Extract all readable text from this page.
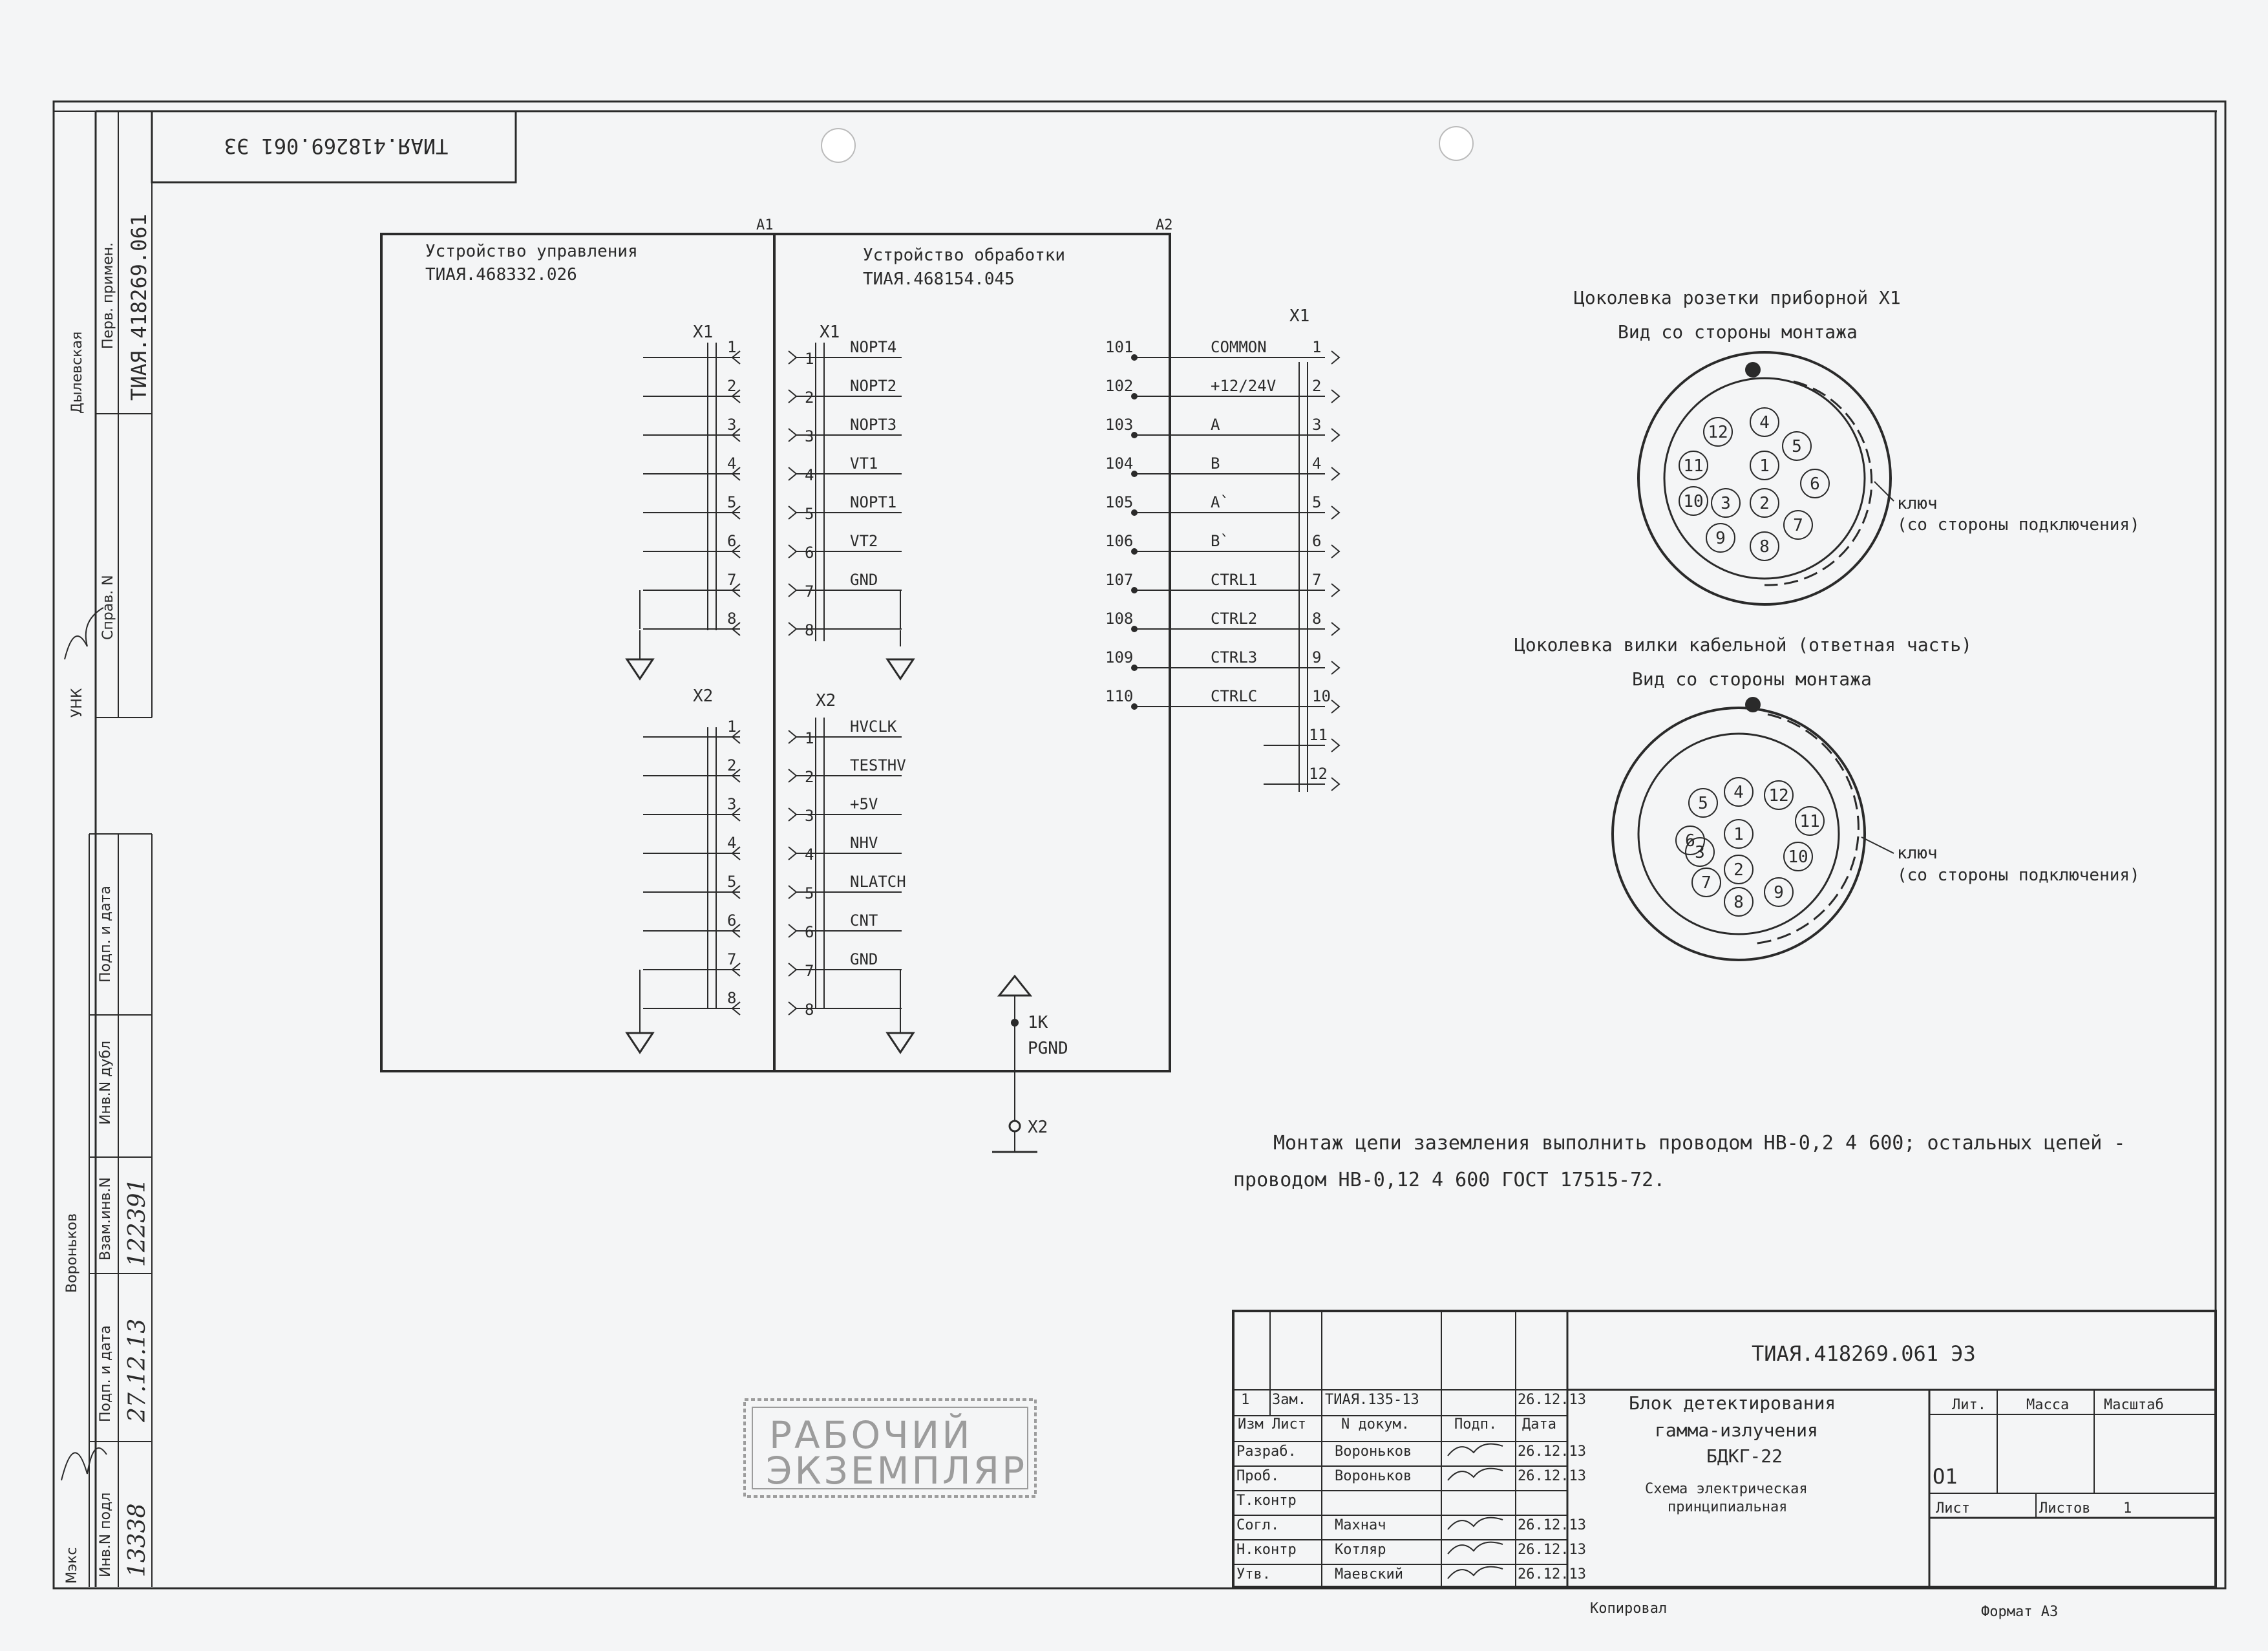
Перв. примен.
Справ. N
Дылевская
УНК
ТИАЯ.418269.061
Подп. и дата
Инв.N дубл
Взам.инв.N
Подп. и дата
Инв.N подл
Вороньков
Мэкс
122391
27.12.13
13338
ТИАЯ.418269.061 Э3
A1	A2
Устройство управления
ТИАЯ.468332.026
Устройство обработки
ТИАЯ.468154.045
X1
1
2
3
4
5
6
7
8
X2
1
2
3
4
5
6
7
8
X1
1
NOPT4
2
NOPT2
3
NOPT3
4
VT1
5
NOPT1
6
VT2
7
GND
8
X2
1
HVCLK
2
TESTHV
3
+5V
4
NHV
5
NLATCH
6
CNT
7
GND
8
X1
101	COMMON	1
102	+12/24V 2
103	A	3
104	B	4
105	A`	5
106	B`	6
107	CTRL1	7
108	CTRL2	8
109	CTRL3	9
110	CTRLC	10
11
12
1K
PGND
X2
Цоколевка розетки приборной X1
Вид со стороны монтажа
ключ
(со стороны подключения)
1
2
3
4
5
6
7
8
9
10
11
12
Цоколевка вилки кабельной (ответная часть)
Вид со стороны монтажа
ключ
(со стороны подключения)
1
2
3
4
5
6
7
8 9
10
11
12
Монтаж цепи заземления выполнить проводом НВ-0,2 4 600; остальных цепей -
проводом НВ-0,12 4 600 ГОСТ 17515-72.
РАБОЧИЙ
ЭКЗЕМПЛЯР
ТИАЯ.418269.061 Э3
Блок детектирования
гамма-излучения
БДКГ-22
Схема электрическая
принципиальная
Лит.	Масса Масштаб
O1
Лист	Листов 1
1 Зам. ТИАЯ.135-13	26.12.13
Изм Лист N докум.	Подп. Дата
Разраб.	Вороньков	26.12.13
Проб.	Вороньков	26.12.13
Т.контр
Согл.	Махнач	26.12.13
Н.контр	Котляр	26.12.13
Утв.	Маевский	26.12.13
Копировал	Формат А3
